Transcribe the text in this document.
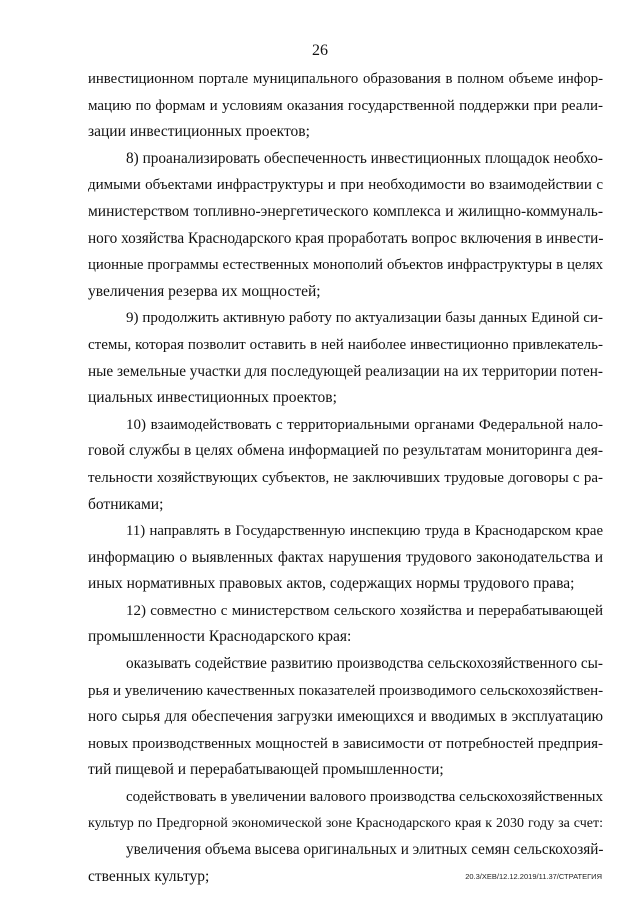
26
инвестиционном портале муниципального образования в полном объеме инфор-
мацию по формам и условиям оказания государственной поддержки при реали-
зации инвестиционных проектов;
8) проанализировать обеспеченность инвестиционных площадок необхо-
димыми объектами инфраструктуры и при необходимости во взаимодействии с
министерством топливно-энергетического комплекса и жилищно-коммуналь-
ного хозяйства Краснодарского края проработать вопрос включения в инвести-
ционные программы естественных монополий объектов инфраструктуры в целях
увеличения резерва их мощностей;
9) продолжить активную работу по актуализации базы данных Единой си-
стемы, которая позволит оставить в ней наиболее инвестиционно привлекатель-
ные земельные участки для последующей реализации на их территории потен-
циальных инвестиционных проектов;
10) взаимодействовать с территориальными органами Федеральной нало-
говой службы в целях обмена информацией по результатам мониторинга дея-
тельности хозяйствующих субъектов, не заключивших трудовые договоры с ра-
ботниками;
11) направлять в Государственную инспекцию труда в Краснодарском крае
информацию о выявленных фактах нарушения трудового законодательства и
иных нормативных правовых актов, содержащих нормы трудового права;
12) совместно с министерством сельского хозяйства и перерабатывающей
промышленности Краснодарского края:
оказывать содействие развитию производства сельскохозяйственного сы-
рья и увеличению качественных показателей производимого сельскохозяйствен-
ного сырья для обеспечения загрузки имеющихся и вводимых в эксплуатацию
новых производственных мощностей в зависимости от потребностей предприя-
тий пищевой и перерабатывающей промышленности;
содействовать в увеличении валового производства сельскохозяйственных
культур по Предгорной экономической зоне Краснодарского края к 2030 году за счет:
увеличения объема высева оригинальных и элитных семян сельскохозяй-
ственных культур;	20.3/ХЕВ/12.12.2019/11.37/СТРАТЕГИЯ
